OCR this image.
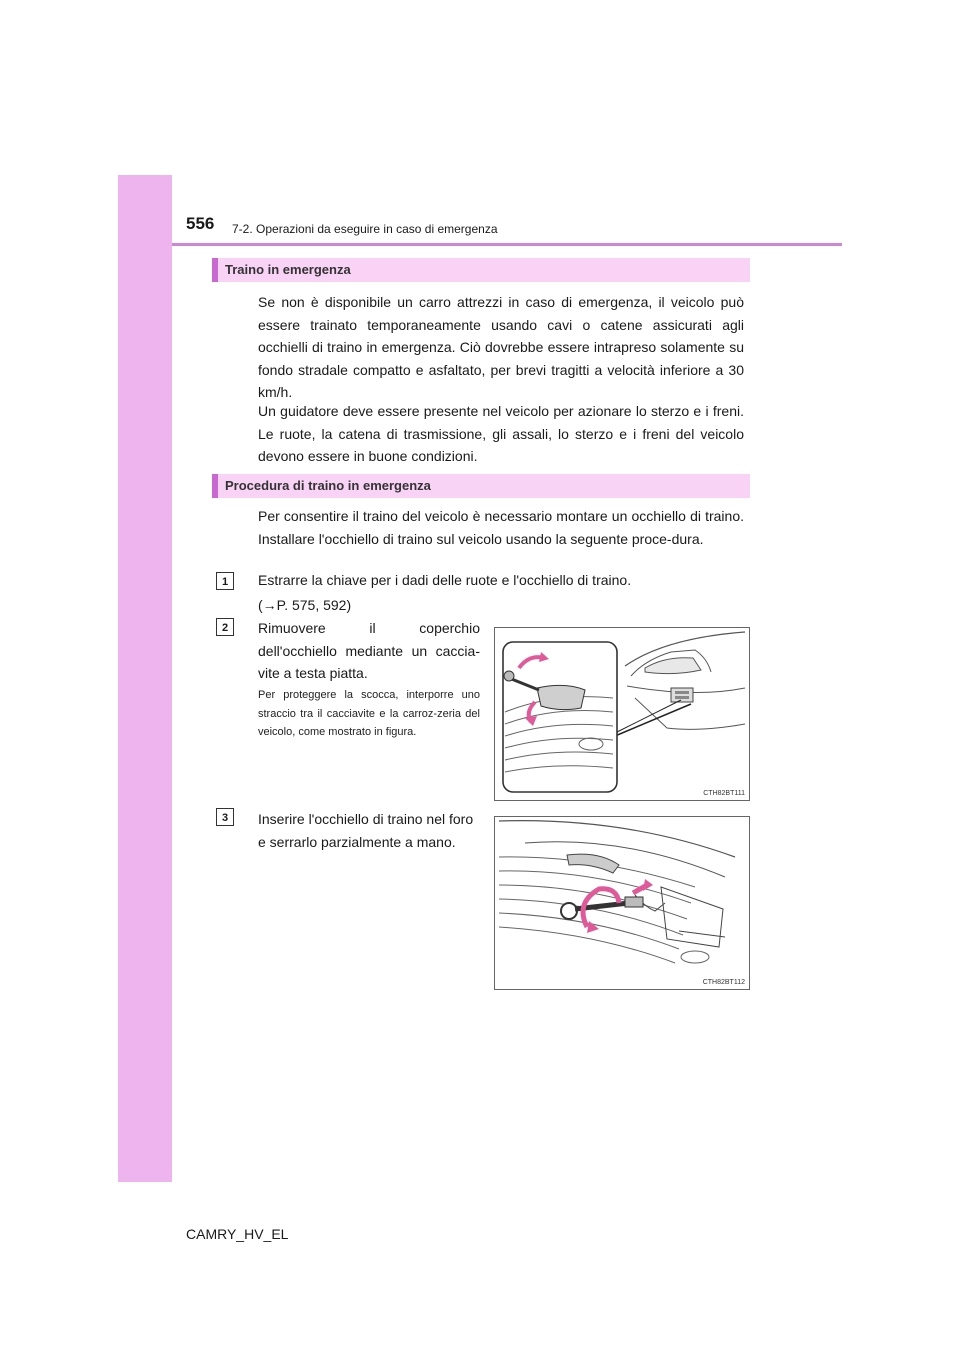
556 7-2. Operazioni da eseguire in caso di emergenza
Traino in emergenza

Se non è disponibile un carro attrezzi in caso di emergenza, il veicolo può essere trainato temporaneamente usando cavi o catene assicurati agli occhielli di traino in emergenza. Ciò dovrebbe essere intrapreso solamente su fondo stradale compatto e asfaltato, per brevi tragitti a velocità inferiore a 30 km/h.

Un guidatore deve essere presente nel veicolo per azionare lo sterzo e i freni. Le ruote, la catena di trasmissione, gli assali, lo sterzo e i freni del veicolo devono essere in buone condizioni.

Procedura di traino in emergenza

Per consentire il traino del veicolo è necessario montare un occhiello di traino. Installare l'occhiello di traino sul veicolo usando la seguente proce-dura.

1	Estrarre la chiave per i dadi delle ruote e l'occhiello di traino.

(→P. 575, 592)

2	Rimuovere il coperchio dell'occhiello mediante un caccia-vite a testa piatta.

Per proteggere la scocca, interporre uno straccio tra il cacciavite e la carroz-zeria del veicolo, come mostrato in figura.

CTH82BT111
3	Inserire l'occhiello di traino nel foro e serrarlo parzialmente a mano.

CTH82BT112
CAMRY_HV_EL
